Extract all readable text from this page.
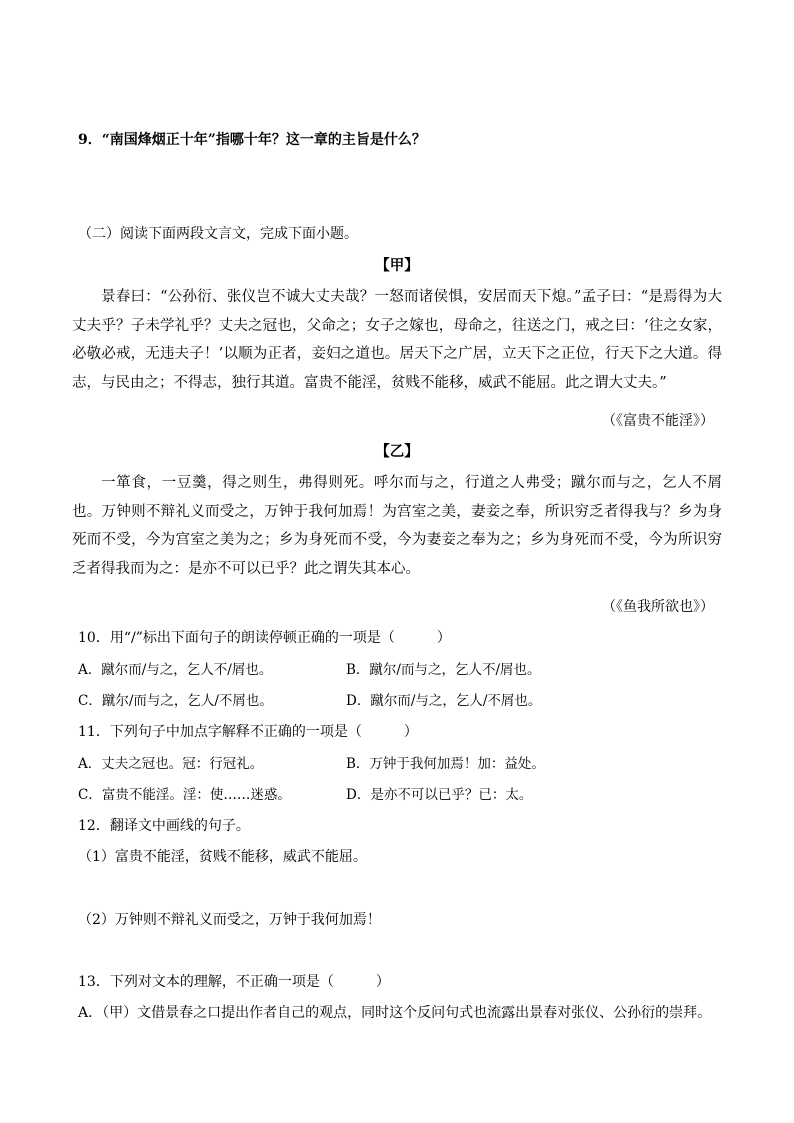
9．“南国烽烟正十年”指哪十年？这一章的主旨是什么？
（二）阅读下面两段文言文，完成下面小题。
【甲】
景春曰：“公孙衍、张仪岂不诚大丈夫哉？一怒而诸侯惧，安居而天下熄。”孟子曰：“是焉得为大丈夫乎？子未学礼乎？丈夫之冠也，父命之；女子之嫁也，母命之，往送之门，戒之曰：‘往之女家，必敬必戒，无违夫子！’以顺为正者，妾妇之道也。居天下之广居，立天下之正位，行天下之大道。得志，与民由之；不得志，独行其道。富贵不能淫，贫贱不能移，威武不能屈。此之谓大丈夫。”
（《富贵不能淫》）
【乙】
一箪食，一豆羹，得之则生，弗得则死。呼尔而与之，行道之人弗受；蹴尔而与之，乞人不屑也。万钟则不辩礼义而受之，万钟于我何加焉！为宫室之美，妻妾之奉，所识穷乏者得我与？乡为身死而不受，今为宫室之美为之；乡为身死而不受，今为妻妾之奉为之；乡为身死而不受，今为所识穷乏者得我而为之：是亦不可以已乎？此之谓失其本心。
（《鱼我所欲也》）
10．用“/”标出下面句子的朗读停顿正确的一项是（　　　）
A．蹴尔而/与之，乞人不/屑也。	B．蹴尔/而与之，乞人不/屑也。
C．蹴尔/而与之，乞人/不屑也。	D．蹴尔而/与之，乞人/不屑也。
11．下列句子中加点字解释不正确的一项是（　　　）
A．丈夫之冠也。冠：行冠礼。	B．万钟于我何加焉！加：益处。
C．富贵不能淫。淫：使……迷惑。	D．是亦不可以已乎？已：太。
12．翻译文中画线的句子。
（1）富贵不能淫，贫贱不能移，威武不能屈。
（2）万钟则不辩礼义而受之，万钟于我何加焉！
13．下列对文本的理解，不正确一项是（　　　）
A．（甲）文借景春之口提出作者自己的观点，同时这个反问句式也流露出景春对张仪、公孙衍的崇拜。
